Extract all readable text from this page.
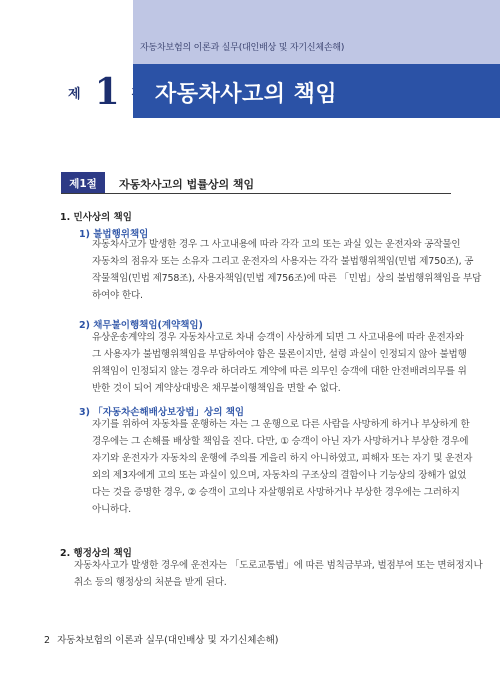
자동차보험의 이론과 실무(대인배상 및 자기신체손해)
제 1 자동차사고의 책임
제1절	자동차사고의 법률상의 책임
1. 민사상의 책임
1) 불법행위책임
자동차사고가 발생한 경우 그 사고내용에 따라 각각 고의 또는 과실 있는 운전자와 공작물인
자동차의 점유자 또는 소유자 그리고 운전자의 사용자는 각각 불법행위책임(민법 제750조), 공
작물책임(민법 제758조), 사용자책임(민법 제756조)에 따른 「민법」상의 불법행위책임을 부담
하여야 한다.
2) 채무불이행책임(계약책임)
유상운송계약의 경우 자동차사고로 차내 승객이 사상하게 되면 그 사고내용에 따라 운전자와
그 사용자가 불법행위책임을 부담하여야 함은 물론이지만, 설령 과실이 인정되지 않아 불법행
위책임이 인정되지 않는 경우라 하더라도 계약에 따른 의무인 승객에 대한 안전배려의무를 위
반한 것이 되어 계약상대방은 채무불이행책임을 면할 수 없다.
3) 「자동차손해배상보장법」상의 책임
자기를 위하여 자동차를 운행하는 자는 그 운행으로 다른 사람을 사망하게 하거나 부상하게 한
경우에는 그 손해를 배상할 책임을 진다. 다만, ① 승객이 아닌 자가 사망하거나 부상한 경우에
자기와 운전자가 자동차의 운행에 주의를 게을리 하지 아니하였고, 피해자 또는 자기 및 운전자
외의 제3자에게 고의 또는 과실이 있으며, 자동차의 구조상의 결함이나 기능상의 장해가 없었
다는 것을 증명한 경우, ② 승객이 고의나 자살행위로 사망하거나 부상한 경우에는 그러하지
아니하다.
2. 행정상의 책임
자동차사고가 발생한 경우에 운전자는 「도로교통법」에 따른 범칙금부과, 벌점부여 또는 면허정지나
취소 등의 행정상의 처분을 받게 된다.
2 자동차보험의 이론과 실무(대인배상 및 자기신체손해)
